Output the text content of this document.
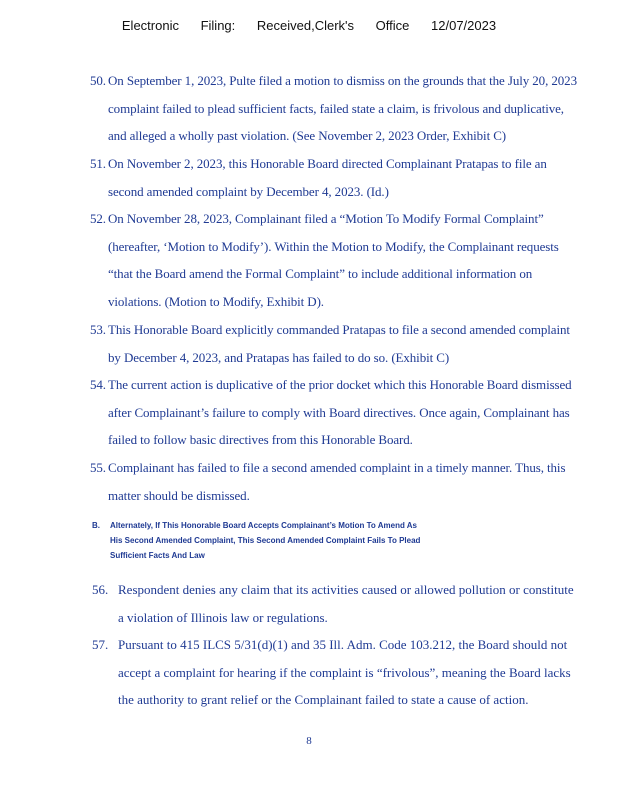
Electronic Filing: Received,Clerk's Office 12/07/2023
50. On September 1, 2023, Pulte filed a motion to dismiss on the grounds that the July 20, 2023
complaint failed to plead sufficient facts, failed state a claim, is frivolous and duplicative,
and alleged a wholly past violation. (See November 2, 2023 Order, Exhibit C)
51. On November 2, 2023, this Honorable Board directed Complainant Pratapas to file an
second amended complaint by December 4, 2023. (Id.)
52. On November 28, 2023, Complainant filed a “Motion To Modify Formal Complaint”
(hereafter, ‘Motion to Modify’). Within the Motion to Modify, the Complainant requests
“that the Board amend the Formal Complaint” to include additional information on
violations. (Motion to Modify, Exhibit D).
53. This Honorable Board explicitly commanded Pratapas to file a second amended complaint
by December 4, 2023, and Pratapas has failed to do so. (Exhibit C)
54. The current action is duplicative of the prior docket which this Honorable Board dismissed
after Complainant’s failure to comply with Board directives. Once again, Complainant has
failed to follow basic directives from this Honorable Board.
55. Complainant has failed to file a second amended complaint in a timely manner. Thus, this
matter should be dismissed.
B.	Alternately, If This Honorable Board Accepts Complainant’s Motion To Amend As
His Second Amended Complaint, This Second Amended Complaint Fails To Plead
Sufficient Facts And Law
56. Respondent denies any claim that its activities caused or allowed pollution or constitute
a violation of Illinois law or regulations.
57. Pursuant to 415 ILCS 5/31(d)(1) and 35 Ill. Adm. Code 103.212, the Board should not
accept a complaint for hearing if the complaint is “frivolous”, meaning the Board lacks
the authority to grant relief or the Complainant failed to state a cause of action.
8
